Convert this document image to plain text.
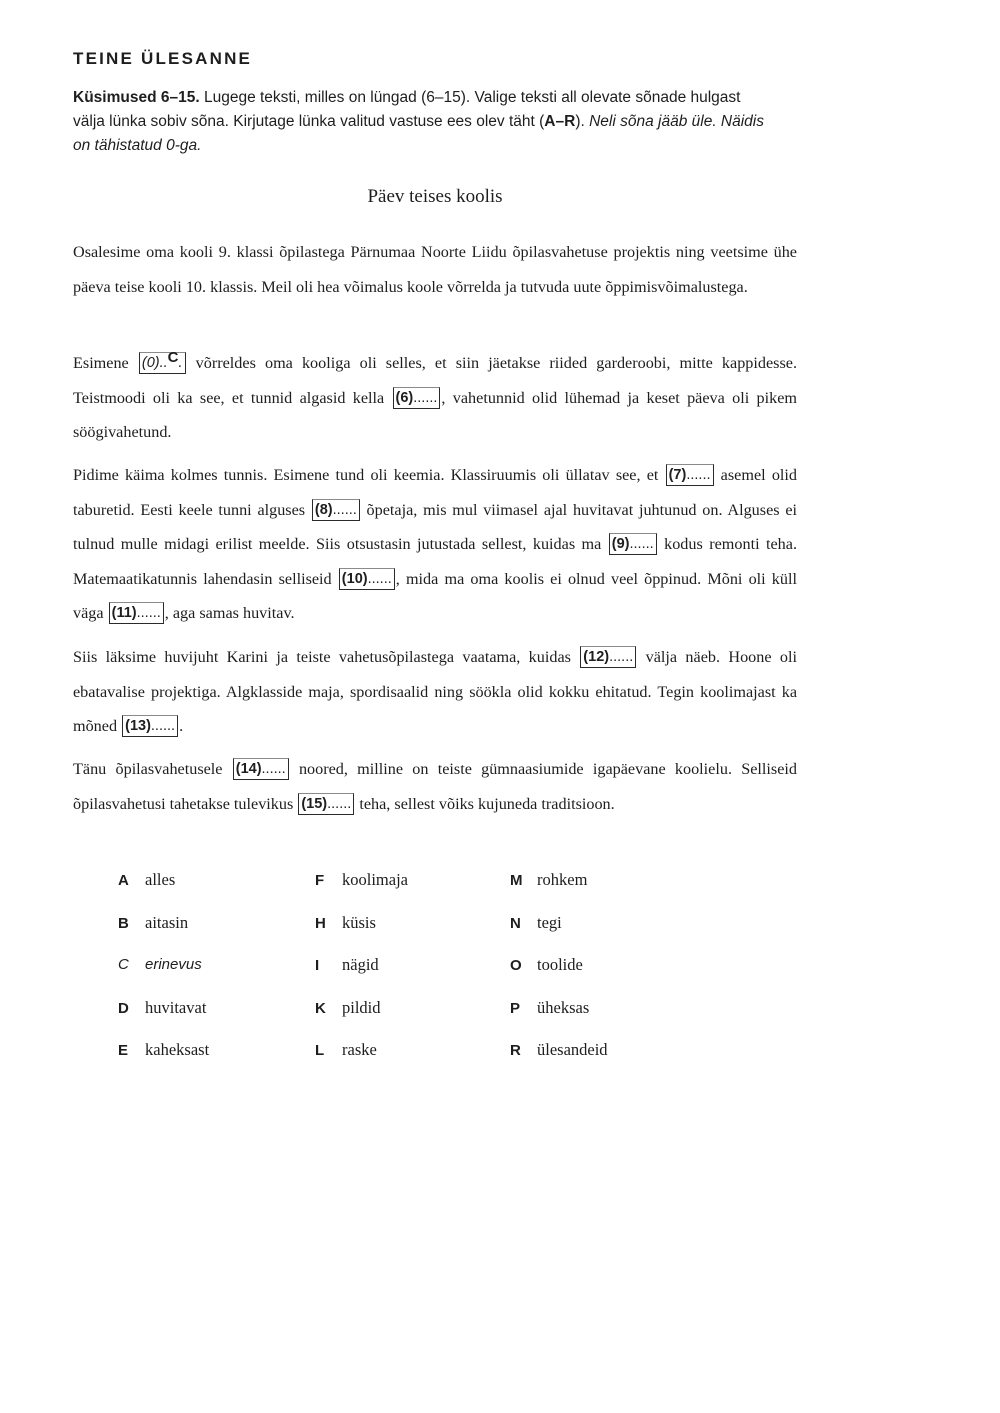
TEINE ÜLESANNE
Küsimused 6–15. Lugege teksti, milles on lüngad (6–15). Valige teksti all olevate sõnade hulgast välja lünka sobiv sõna. Kirjutage lünka valitud vastuse ees olev täht (A–R). Neli sõna jääb üle. Näidis on tähistatud 0-ga.
Päev teises koolis
Osalesime oma kooli 9. klassi õpilastega Pärnumaa Noorte Liidu õpilasvahetuse projektis ning veetsime ühe päeva teise kooli 10. klassis. Meil oli hea võimalus koole võrrelda ja tutvuda uute õppimisvõimalustega.
Esimene (0)..C. võrreldes oma kooliga oli selles, et siin jäetakse riided garderoobi, mitte kappidesse. Teistmoodi oli ka see, et tunnid algasid kella (6)...... , vahetunnid olid lühemad ja keset päeva oli pikem söögivahetund.
Pidime käima kolmes tunnis. Esimene tund oli keemia. Klassiruumis oli üllatav see, et (7)...... asemel olid taburetid. Eesti keele tunni alguses (8)...... õpetaja, mis mul viimasel ajal huvitavat juhtunud on. Alguses ei tulnud mulle midagi erilist meelde. Siis otsustasin jutustada sellest, kuidas ma (9)...... kodus remonti teha. Matemaatikatunnis lahendasin selliseid (10)...... , mida ma oma koolis ei olnud veel õppinud. Mõni oli küll väga (11)...... , aga samas huvitav.
Siis läksime huvijuht Karini ja teiste vahetusõpilastega vaatama, kuidas (12)...... välja näeb. Hoone oli ebatavalise projektiga. Algklasside maja, spordisaalid ning söökla olid kokku ehitatud. Tegin koolimajast ka mõned (13)...... .
Tänu õpilasvahetusele (14)...... noored, milline on teiste gümnaasiumide igapäevane koolielu. Selliseid õpilasvahetusi tahetakse tulevikus (15)...... teha, sellest võiks kujuneda traditsioon.
A alles
B aitasin
C erinevus
D huvitavat
E kaheksast
F koolimaja
H küsis
I nägid
K pildid
L raske
M rohkem
N tegi
O toolide
P üheksas
R ülesandeid
